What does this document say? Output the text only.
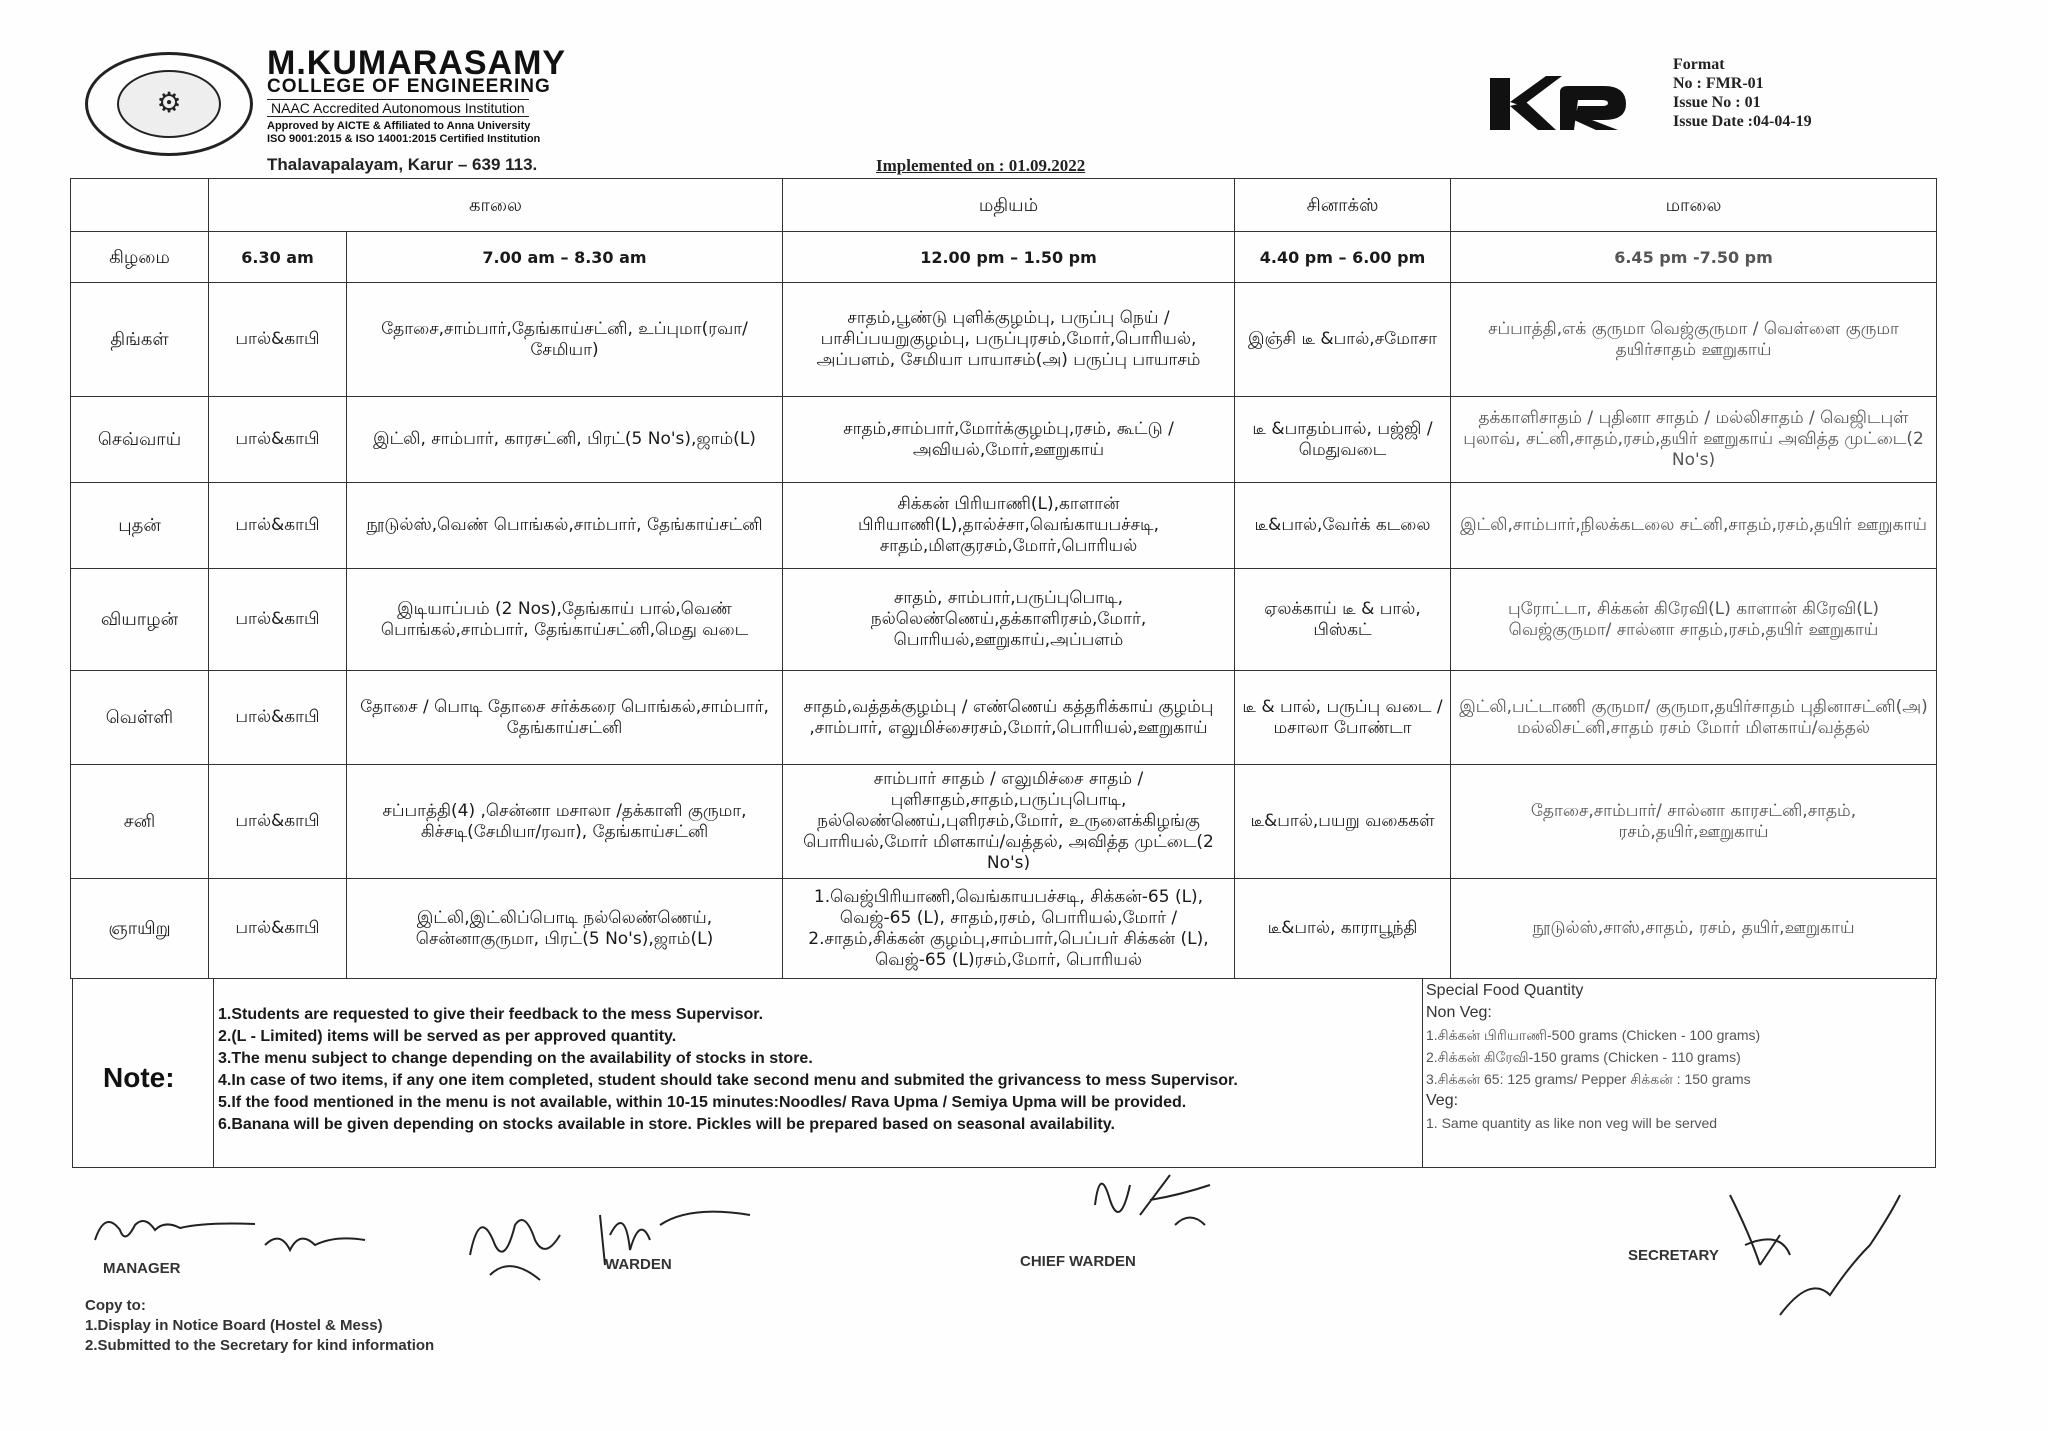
⚙
M.KUMARASAMY
COLLEGE OF ENGINEERING
NAAC Accredited Autonomous Institution
Approved by AICTE & Affiliated to Anna University
ISO 9001:2015 & ISO 14001:2015 Certified Institution
Thalavapalayam, Karur – 639 113.	Implemented on : 01.09.2022
Format
No : FMR-01
Issue No : 01
Issue Date :04-04-19
	காலை		மதியம்	சினாக்ஸ்	மாலை
கிழமை	6.30 am	7.00 am – 8.30 am	12.00 pm – 1.50 pm	4.40 pm – 6.00 pm	6.45 pm -7.50 pm
திங்கள்	பால்&காபி	தோசை,சாம்பார்,தேங்காய்சட்னி, உப்புமா(ரவா/சேமியா)	சாதம்,பூண்டு புளிக்குழம்பு, பருப்பு நெய் / பாசிப்பயறுகுழம்பு, பருப்புரசம்,மோர்,பொரியல், அப்பளம், சேமியா பாயாசம்(அ) பருப்பு பாயாசம்	இஞ்சி டீ &பால்,சமோசா	சப்பாத்தி,எக் குருமா வெஜ்குருமா / வெள்ளை குருமா தயிர்சாதம் ஊறுகாய்
செவ்வாய்	பால்&காபி	இட்லி, சாம்பார், காரசட்னி, பிரட்(5 No's),ஜாம்(L)	சாதம்,சாம்பார்,மோர்க்குழம்பு,ரசம், கூட்டு / அவியல்,மோர்,ஊறுகாய்	டீ &பாதம்பால், பஜ்ஜி / மெதுவடை	தக்காளிசாதம் / புதினா சாதம் / மல்லிசாதம் / வெஜிடபுள் புலாவ், சட்னி,சாதம்,ரசம்,தயிர் ஊறுகாய் அவித்த முட்டை(2 No's)
புதன்	பால்&காபி	நூடுல்ஸ்,வெண் பொங்கல்,சாம்பார், தேங்காய்சட்னி	சிக்கன் பிரியாணி(L),காளான் பிரியாணி(L),தால்ச்சா,வெங்காயபச்சடி, சாதம்,மிளகுரசம்,மோர்,பொரியல்	டீ&பால்,வேர்க் கடலை	இட்லி,சாம்பார்,நிலக்கடலை சட்னி,சாதம்,ரசம்,தயிர் ஊறுகாய்
வியாழன்	பால்&காபி	இடியாப்பம் (2 Nos),தேங்காய் பால்,வெண் பொங்கல்,சாம்பார், தேங்காய்சட்னி,மெது வடை	சாதம், சாம்பார்,பருப்புபொடி, நல்லெண்ணெய்,தக்காளிரசம்,மோர், பொரியல்,ஊறுகாய்,அப்பளம்	ஏலக்காய் டீ & பால், பிஸ்கட்	புரோட்டா, சிக்கன் கிரேவி(L) காளான் கிரேவி(L) வெஜ்குருமா/ சால்னா சாதம்,ரசம்,தயிர் ஊறுகாய்
வெள்ளி	பால்&காபி	தோசை / பொடி தோசை சர்க்கரை பொங்கல்,சாம்பார், தேங்காய்சட்னி	சாதம்,வத்தக்குழம்பு / எண்ணெய் கத்தரிக்காய் குழம்பு ,சாம்பார், எலுமிச்சைரசம்,மோர்,பொரியல்,ஊறுகாய்	டீ & பால், பருப்பு வடை / மசாலா போண்டா	இட்லி,பட்டாணி குருமா/ குருமா,தயிர்சாதம் புதினாசட்னி(அ) மல்லிசட்னி,சாதம் ரசம் மோர் மிளகாய்/வத்தல்
சனி	பால்&காபி	சப்பாத்தி(4) ,சென்னா மசாலா /தக்காளி குருமா, கிச்சடி(சேமியா/ரவா), தேங்காய்சட்னி	சாம்பார் சாதம் / எலுமிச்சை சாதம் / புளிசாதம்,சாதம்,பருப்புபொடி, நல்லெண்ணெய்,புளிரசம்,மோர், உருளைக்கிழங்கு பொரியல்,மோர் மிளகாய்/வத்தல், அவித்த முட்டை(2 No's)	டீ&பால்,பயறு வகைகள்	தோசை,சாம்பார்/ சால்னா காரசட்னி,சாதம், ரசம்,தயிர்,ஊறுகாய்
ஞாயிறு	பால்&காபி	இட்லி,இட்லிப்பொடி நல்லெண்ணெய், சென்னாகுருமா, பிரட்(5 No's),ஜாம்(L)	1.வெஜ்பிரியாணி,வெங்காயபச்சடி, சிக்கன்-65 (L), வெஜ்-65 (L), சாதம்,ரசம், பொரியல்,மோர் / 2.சாதம்,சிக்கன் குழம்பு,சாம்பார்,பெப்பர் சிக்கன் (L), வெஜ்-65 (L)ரசம்,மோர், பொரியல்	டீ&பால், காராபூந்தி	நூடுல்ஸ்,சாஸ்,சாதம், ரசம், தயிர்,ஊறுகாய்
Note:
1.Students are requested to give their feedback to the mess Supervisor.
2.(L - Limited) items will be served as per approved quantity.
3.The menu subject to change depending on the availability of stocks in store.
4.In case of two items, if any one item completed, student should take second menu and submited the grivancess to mess Supervisor.
5.If the food mentioned in the menu is not available, within 10-15 minutes:Noodles/ Rava Upma / Semiya Upma will be provided.
6.Banana will be given depending on stocks available in store. Pickles will be prepared based on seasonal availability.
Special Food Quantity
Non Veg:
1.சிக்கன் பிரியாணி-500 grams (Chicken - 100 grams)
2.சிக்கன் கிரேவி-150 grams (Chicken - 110 grams)
3.சிக்கன் 65: 125 grams/ Pepper சிக்கன் : 150 grams
Veg:
1. Same quantity as like non veg will be served
MANAGER	WARDEN	CHIEF WARDEN	SECRETARY
Copy to:
1.Display in Notice Board (Hostel & Mess)
2.Submitted to the Secretary for kind information
